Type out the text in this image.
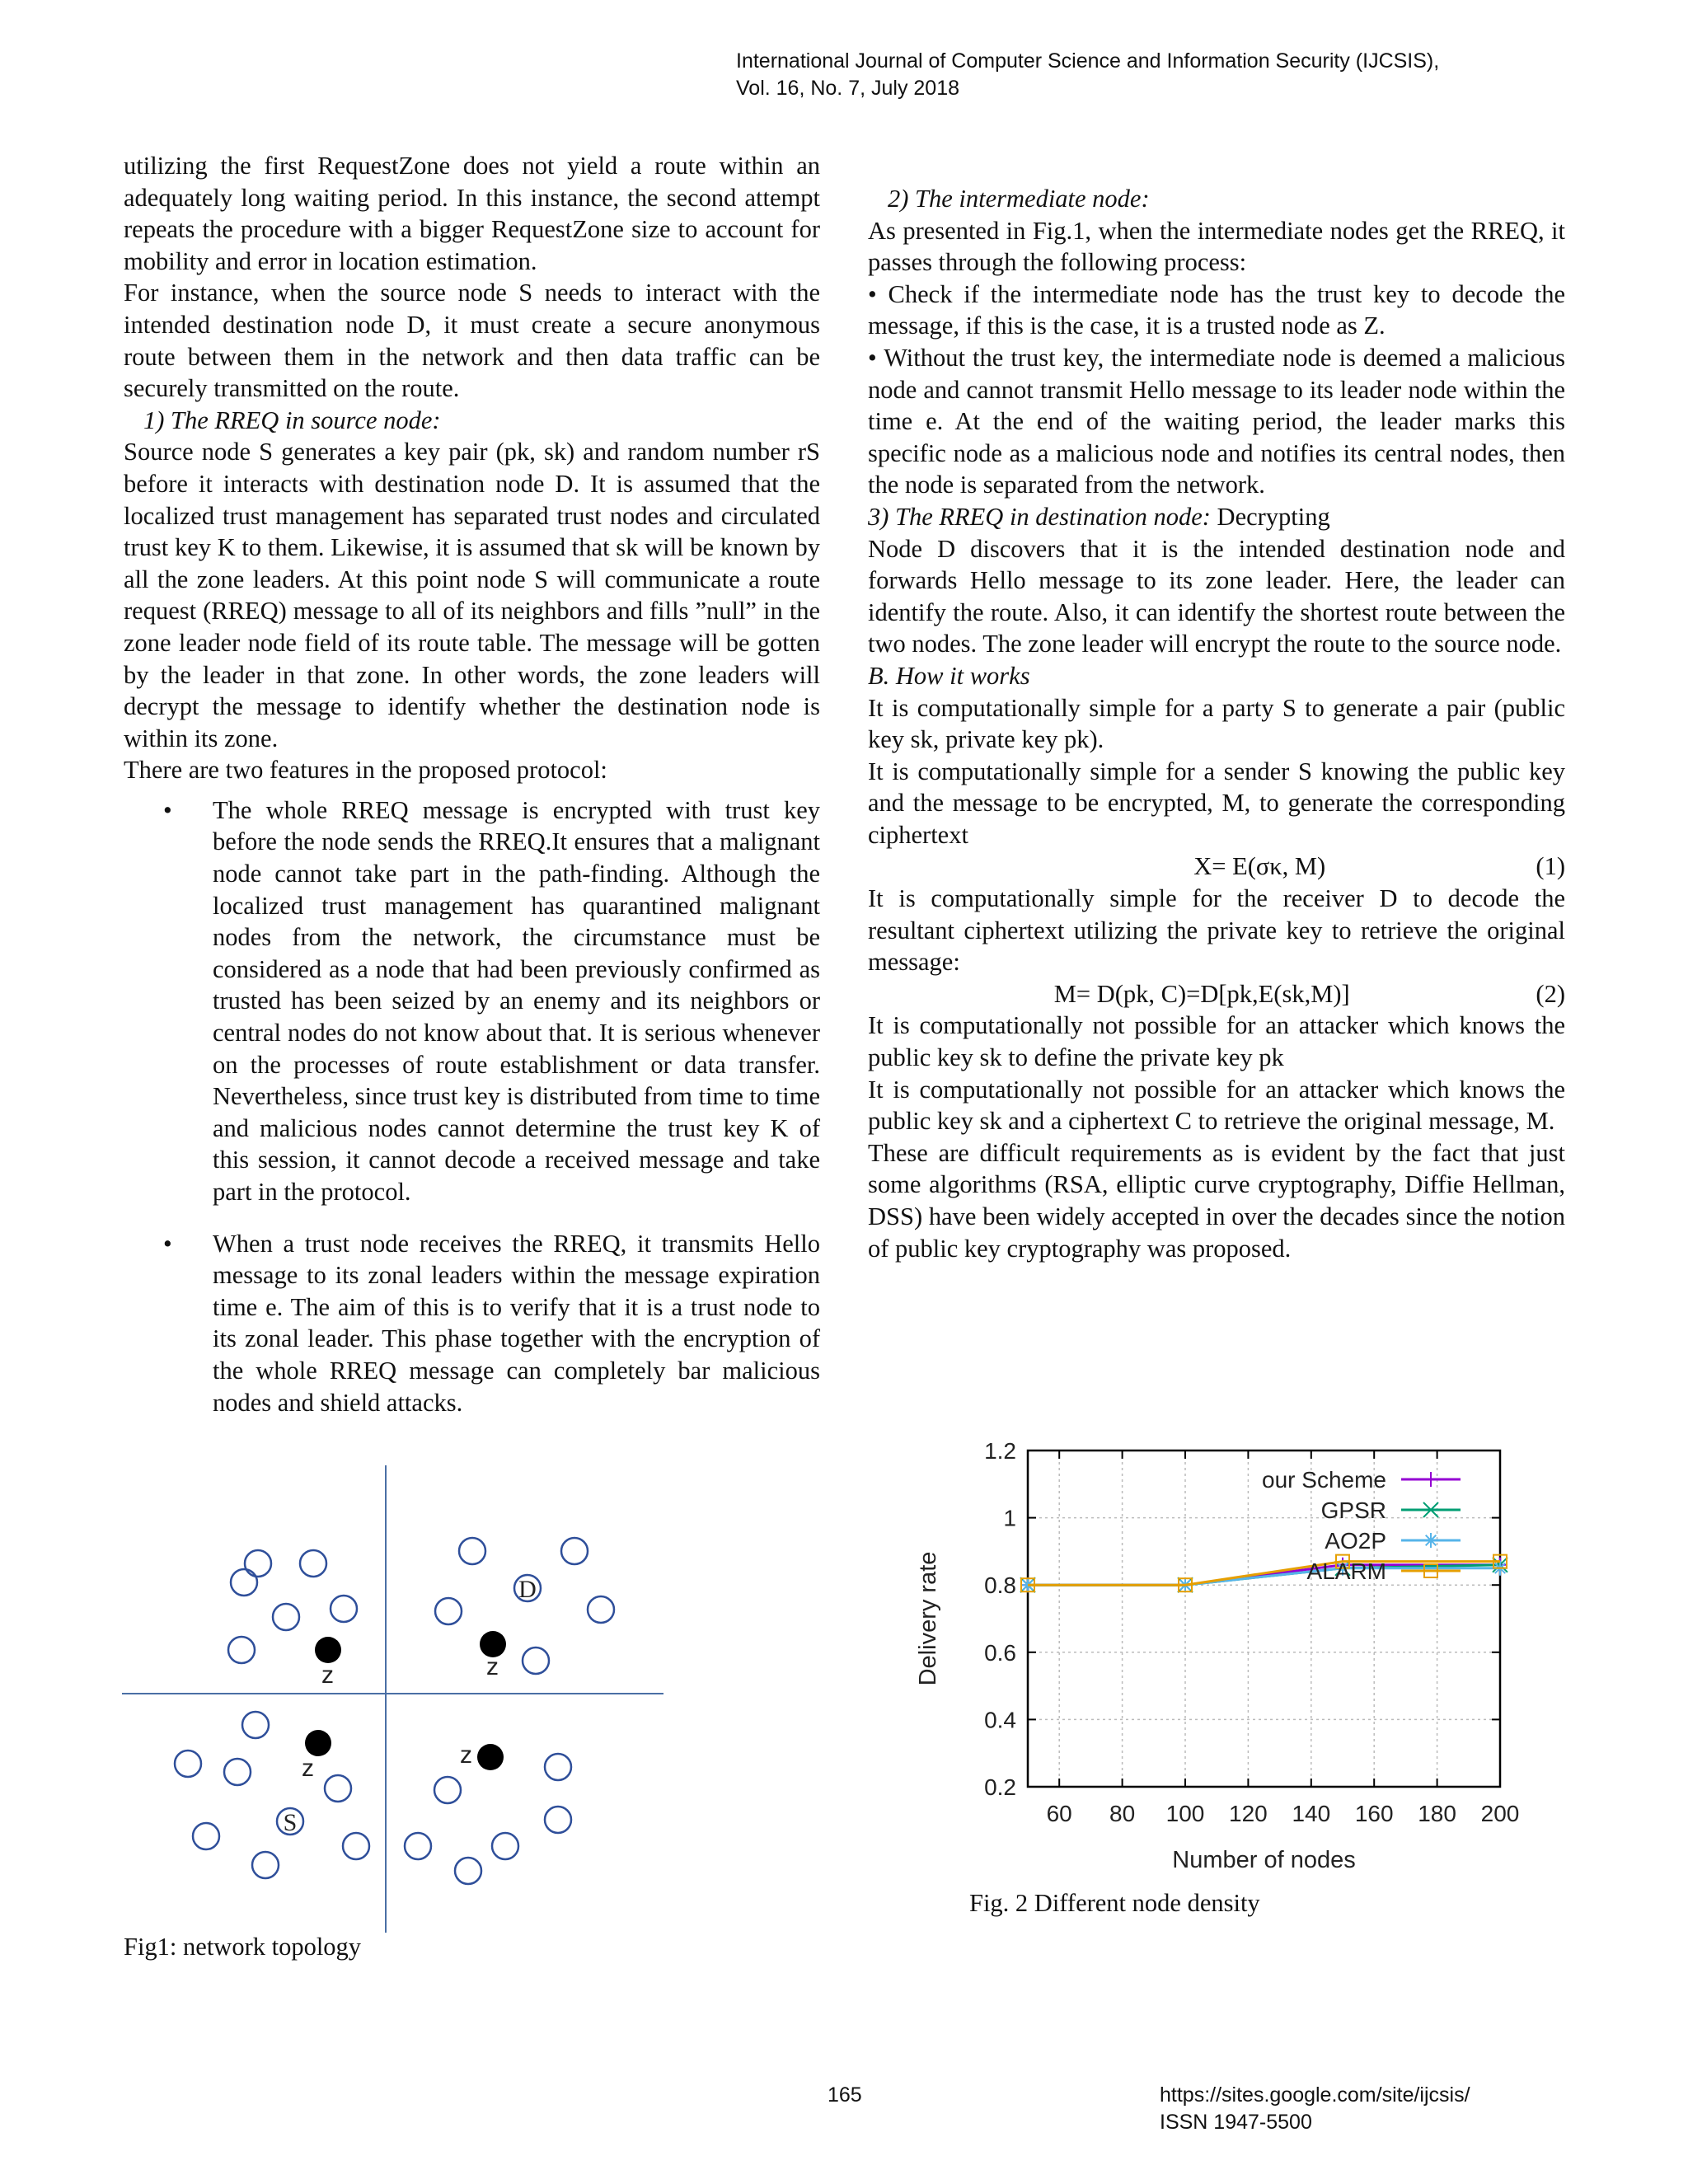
International Journal of Computer Science and Information Security (IJCSIS),
Vol. 16, No. 7, July 2018

utilizing the first RequestZone does not yield a route within an adequately long waiting period. In this instance, the second attempt repeats the procedure with a bigger RequestZone size to account for mobility and error in location estimation.

For instance, when the source node S needs to interact with the intended destination node D, it must create a secure anonymous route between them in the network and then data traffic can be securely transmitted on the route.

1) The RREQ in source node:

Source node S generates a key pair (pk, sk) and random number rS before it interacts with destination node D. It is assumed that the localized trust management has separated trust nodes and circulated trust key K to them. Likewise, it is assumed that sk will be known by all the zone leaders. At this point node S will communicate a route request (RREQ) message to all of its neighbors and fills ”null” in the zone leader node field of its route table. The message will be gotten by the leader in that zone. In other words, the zone leaders will decrypt the message to identify whether the destination node is within its zone.

There are two features in the proposed protocol:

• The whole RREQ message is encrypted with trust key before the node sends the RREQ.It ensures that a malignant node cannot take part in the path-finding. Although the localized trust management has quarantined malignant nodes from the network, the circumstance must be considered as a node that had been previously confirmed as trusted has been seized by an enemy and its neighbors or central nodes do not know about that. It is serious whenever on the processes of route establishment or data transfer. Nevertheless, since trust key is distributed from time to time and malicious nodes cannot determine the trust key K of this session, it cannot decode a received message and take part in the protocol.
• When a trust node receives the RREQ, it transmits Hello message to its zonal leaders within the message expiration time e. The aim of this is to verify that it is a trust node to its zonal leader. This phase together with the encryption of the whole RREQ message can completely bar malicious nodes and shield attacks.

2) The intermediate node:

As presented in Fig.1, when the intermediate nodes get the RREQ, it passes through the following process:

• Check if the intermediate node has the trust key to decode the message, if this is the case, it is a trusted node as Z.

• Without the trust key, the intermediate node is deemed a malicious node and cannot transmit Hello message to its leader node within the time e. At the end of the waiting period, the leader marks this specific node as a malicious node and notifies its central nodes, then the node is separated from the network.

3) The RREQ in destination node: Decrypting

Node D discovers that it is the intended destination node and forwards Hello message to its zone leader. Here, the leader can identify the route. Also, it can identify the shortest route between the two nodes. The zone leader will encrypt the route to the source node.

B. How it works

It is computationally simple for a party S to generate a pair (public key sk, private key pk).

It is computationally simple for a sender S knowing the public key and the message to be encrypted, M, to generate the corresponding ciphertext

X= E(σκ, M)	(1)

It is computationally simple for the receiver D to decode the resultant ciphertext utilizing the private key to retrieve the original message:

M= D(pk, C)=D[pk,E(sk,M)]	(2)

It is computationally not possible for an attacker which knows the public key sk to define the private key pk

It is computationally not possible for an attacker which knows the public key sk and a ciphertext C to retrieve the original message, M.

These are difficult requirements as is evident by the fact that just some algorithms (RSA, elliptic curve cryptography, Diffie Hellman, DSS) have been widely accepted in over the decades since the notion of public key cryptography was proposed.

D
S
z	z
z	z
Fig1: network topology
60 80 100 120 140 160 180 200
0.2
0.4
0.6
0.8
1
1.2
Number of nodes
Delivery rate
our Scheme
GPSR
AO2P
ALARM
Fig. 2 Different node density
165	https://sites.google.com/site/ijcsis/
ISSN 1947-5500
